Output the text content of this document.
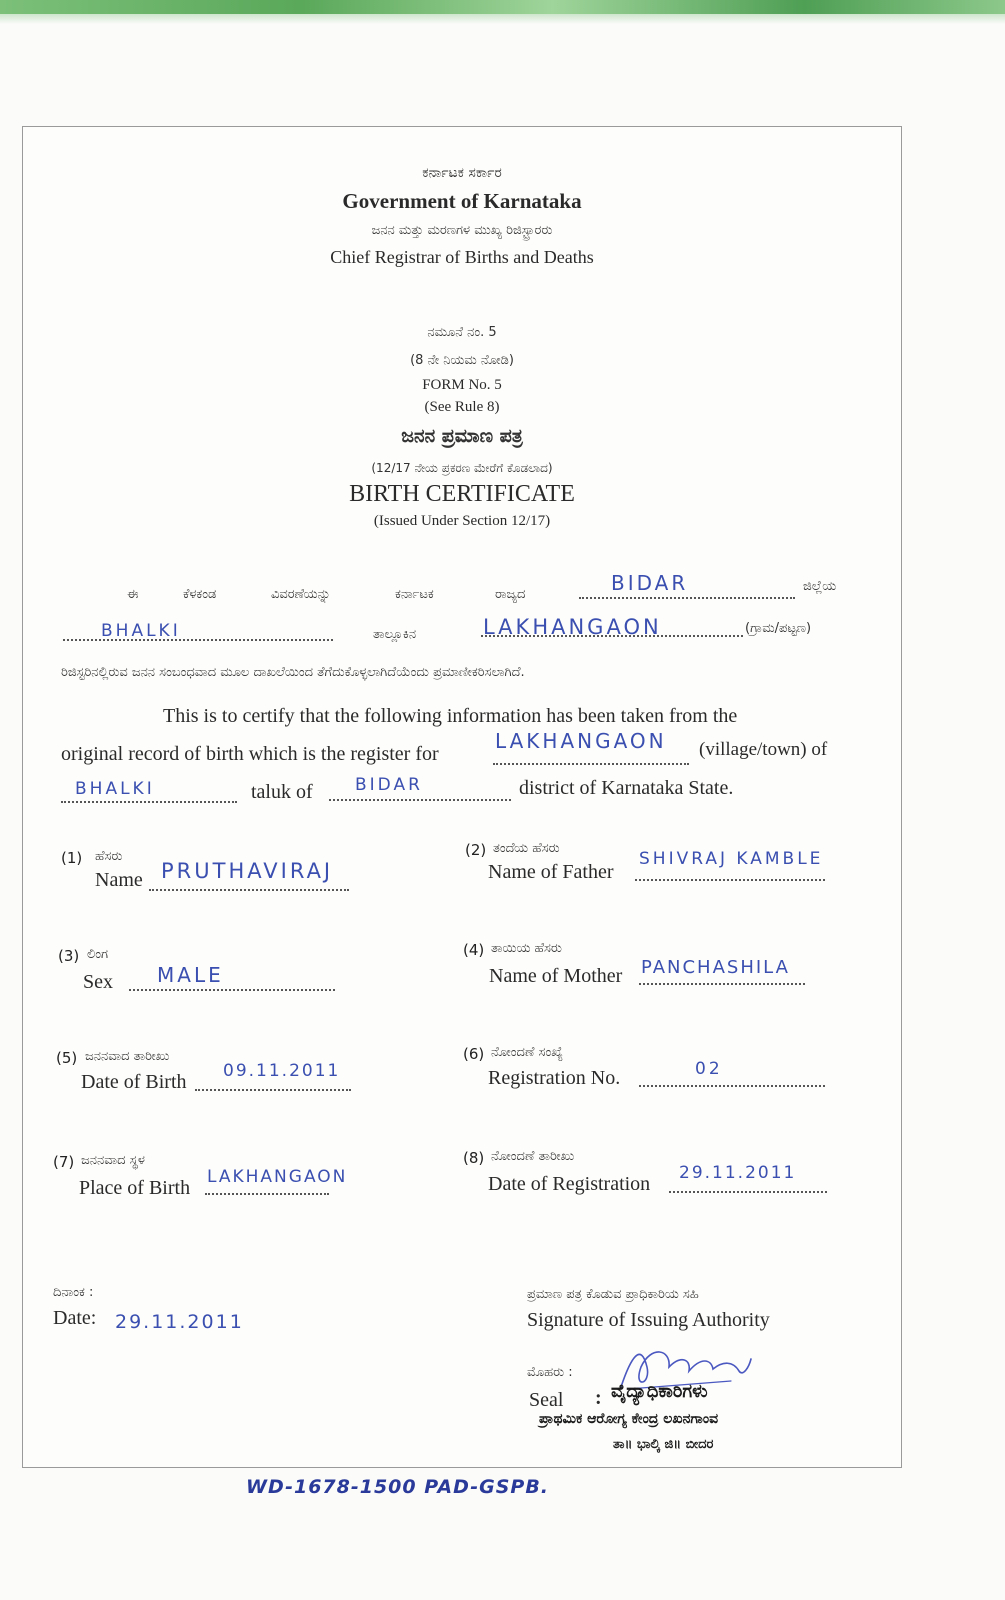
ಕರ್ನಾಟಕ ಸರ್ಕಾರ
Government of Karnataka
ಜನನ ಮತ್ತು ಮರಣಗಳ ಮುಖ್ಯ ರಿಜಿಸ್ಟ್ರಾರರು
Chief Registrar of Births and Deaths
ನಮೂನೆ ನಂ. 5
(8 ನೇ ನಿಯಮ ನೋಡಿ)
FORM No. 5
(See Rule 8)
ಜನನ ಪ್ರಮಾಣ ಪತ್ರ
(12/17 ನೇಯ ಪ್ರಕರಣ ಮೇರೆಗೆ ಕೊಡಲಾದ)
BIRTH CERTIFICATE
(Issued Under Section 12/17)
ಈ	ಕೆಳಕಂಡ	ವಿವರಣೆಯನ್ನು	ಕರ್ನಾಟಕ	ರಾಜ್ಯದ	BIDAR	ಜಿಲ್ಲೆಯ
BHALKI	ತಾಲ್ಲೂಕಿನ	LAKHANGAON	(ಗ್ರಾಮ/ಪಟ್ಟಣ)
ರಿಜಿಸ್ಟರಿನಲ್ಲಿರುವ ಜನನ ಸಂಬಂಧವಾದ ಮೂಲ ದಾಖಲೆಯಿಂದ ತೆಗೆದುಕೊಳ್ಳಲಾಗಿದೆಯೆಂದು ಪ್ರಮಾಣೀಕರಿಸಲಾಗಿದೆ.
This is to certify that the following information has been taken from the
original record of birth which is the register for
LAKHANGAON (village/town) of
BHALKI	taluk of BIDAR	district of Karnataka State.
(1) ಹೆಸರು
Name PRUTHAVIRAJ
(2) ತಂದೆಯ ಹೆಸರು
Name of Father
SHIVRAJ KAMBLE
(3) ಲಿಂಗ
Sex MALE
(4) ತಾಯಿಯ ಹೆಸರು
Name of Mother PANCHASHILA
(5) ಜನನವಾದ ತಾರೀಖು
Date of Birth 09.11.2011
(6) ನೋಂದಣೆ ಸಂಖ್ಯೆ
Registration No.	02
(7) ಜನನವಾದ ಸ್ಥಳ
Place of Birth LAKHANGAON
(8) ನೋಂದಣೆ ತಾರೀಖು
Date of Registration 29.11.2011
ದಿನಾಂಕ :
Date: 29.11.2011
ಪ್ರಮಾಣ ಪತ್ರ ಕೊಡುವ ಪ್ರಾಧಿಕಾರಿಯ ಸಹಿ
Signature of Issuing Authority
ಮೊಹರು :
Seal : ವೈದ್ಯಾಧಿಕಾರಿಗಳು
ಪ್ರಾಥಮಿಕ ಆರೋಗ್ಯ ಕೇಂದ್ರ ಲಖನಗಾಂವ
ತಾ॥ ಭಾಲ್ಕಿ ಜಿ॥ ಬೀದರ
WD-1678-1500 PAD-GSPB.
